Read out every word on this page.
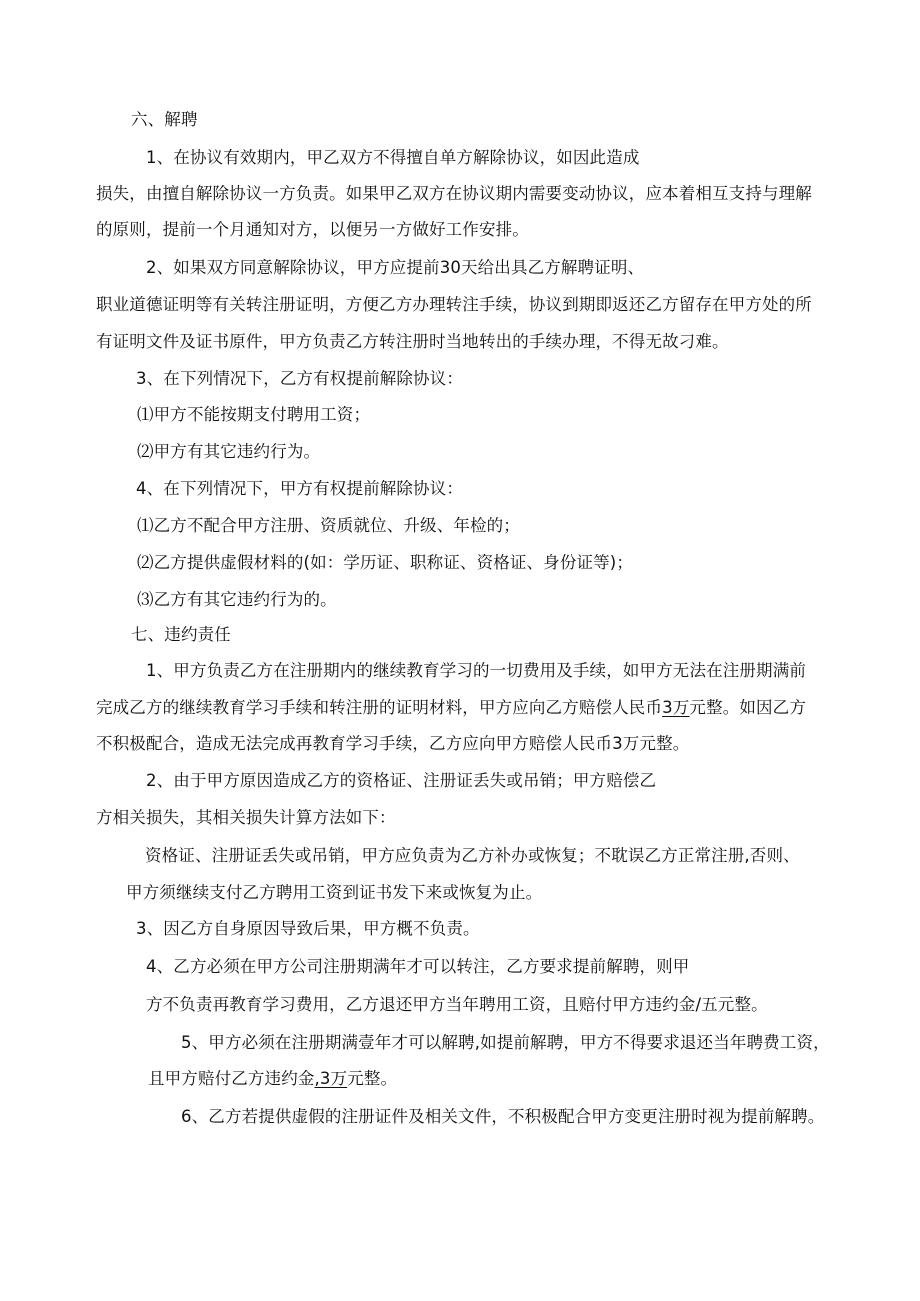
六、解聘
1、在协议有效期内，甲乙双方不得擅自单方解除协议，如因此造成
损失，由擅自解除协议一方负责。如果甲乙双方在协议期内需要变动协议，应本着相互支持与理解
的原则，提前一个月通知对方，以便另一方做好工作安排。
2、如果双方同意解除协议，甲方应提前30天给出具乙方解聘证明、
职业道德证明等有关转注册证明，方便乙方办理转注手续，协议到期即返还乙方留存在甲方处的所
有证明文件及证书原件，甲方负责乙方转注册时当地转出的手续办理，不得无故刁难。
3、在下列情况下，乙方有权提前解除协议：
⑴甲方不能按期支付聘用工资；
⑵甲方有其它违约行为。
4、在下列情况下，甲方有权提前解除协议：
⑴乙方不配合甲方注册、资质就位、升级、年检的；
⑵乙方提供虚假材料的(如：学历证、职称证、资格证、身份证等)；
⑶乙方有其它违约行为的。
七、违约责任
1、甲方负责乙方在注册期内的继续教育学习的一切费用及手续，如甲方无法在注册期满前
完成乙方的继续教育学习手续和转注册的证明材料，甲方应向乙方赔偿人民币3万元整。如因乙方
不积极配合，造成无法完成再教育学习手续，乙方应向甲方赔偿人民币3万元整。
2、由于甲方原因造成乙方的资格证、注册证丢失或吊销；甲方赔偿乙
方相关损失，其相关损失计算方法如下：
资格证、注册证丢失或吊销，甲方应负责为乙方补办或恢复；不耽误乙方正常注册,否则、
甲方须继续支付乙方聘用工资到证书发下来或恢复为止。
3、因乙方自身原因导致后果，甲方概不负责。
4、乙方必须在甲方公司注册期满年才可以转注，乙方要求提前解聘，则甲
方不负责再教育学习费用，乙方退还甲方当年聘用工资，且赔付甲方违约金/五元整。
5、甲方必须在注册期满壹年才可以解聘,如提前解聘，甲方不得要求退还当年聘费工资，
且甲方赔付乙方违约金,3万元整。
6、乙方若提供虚假的注册证件及相关文件，不积极配合甲方变更注册时视为提前解聘。
